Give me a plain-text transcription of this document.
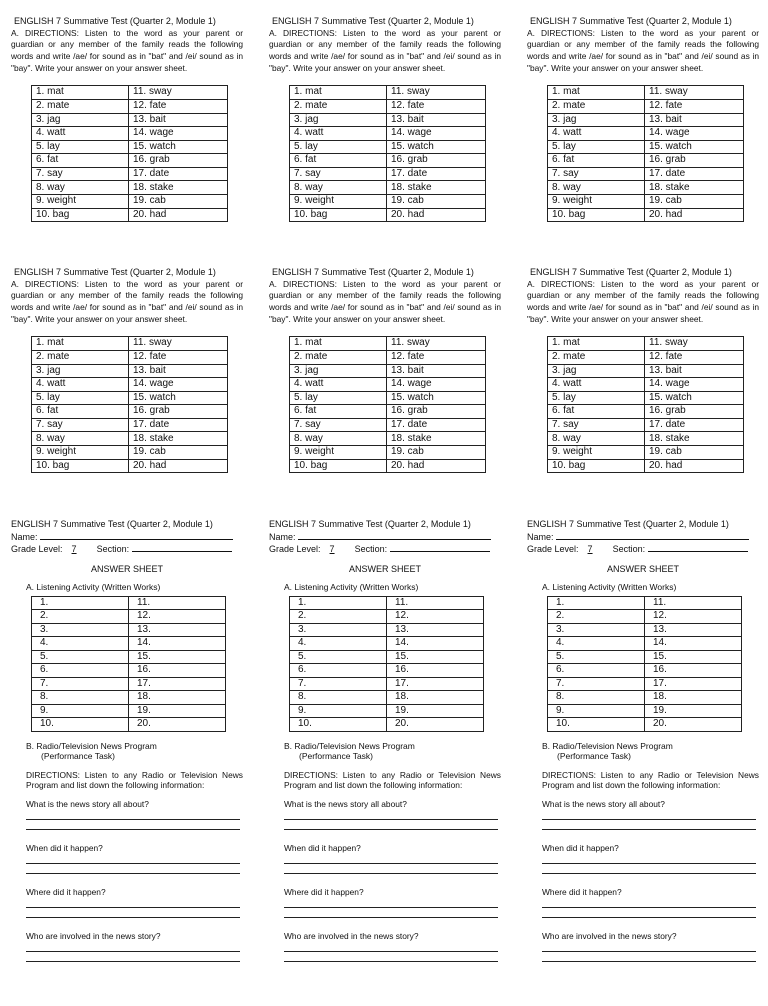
ENGLISH 7 Summative Test (Quarter 2, Module 1)
A. DIRECTIONS: Listen to the word as your parent or guardian or any member of the family reads the following words and write /ae/ for sound as in "bat" and /ei/ sound as in "bay". Write your answer on your answer sheet.
1. mat	11. sway
2. mate	12. fate
3. jag	13. bait
4. watt	14. wage
5. lay	15. watch
6. fat	16. grab
7. say	17. date
8. way	18. stake
9. weight	19. cab
10. bag	20. had
ENGLISH 7 Summative Test (Quarter 2, Module 1)
A. DIRECTIONS: Listen to the word as your parent or guardian or any member of the family reads the following words and write /ae/ for sound as in "bat" and /ei/ sound as in "bay". Write your answer on your answer sheet.
1. mat	11. sway
2. mate	12. fate
3. jag	13. bait
4. watt	14. wage
5. lay	15. watch
6. fat	16. grab
7. say	17. date
8. way	18. stake
9. weight	19. cab
10. bag	20. had
ENGLISH 7 Summative Test (Quarter 2, Module 1)
A. DIRECTIONS: Listen to the word as your parent or guardian or any member of the family reads the following words and write /ae/ for sound as in "bat" and /ei/ sound as in "bay". Write your answer on your answer sheet.
1. mat	11. sway
2. mate	12. fate
3. jag	13. bait
4. watt	14. wage
5. lay	15. watch
6. fat	16. grab
7. say	17. date
8. way	18. stake
9. weight	19. cab
10. bag	20. had
ENGLISH 7 Summative Test (Quarter 2, Module 1)
A. DIRECTIONS: Listen to the word as your parent or guardian or any member of the family reads the following words and write /ae/ for sound as in "bat" and /ei/ sound as in "bay". Write your answer on your answer sheet.
1. mat	11. sway
2. mate	12. fate
3. jag	13. bait
4. watt	14. wage
5. lay	15. watch
6. fat	16. grab
7. say	17. date
8. way	18. stake
9. weight	19. cab
10. bag	20. had
ENGLISH 7 Summative Test (Quarter 2, Module 1)
A. DIRECTIONS: Listen to the word as your parent or guardian or any member of the family reads the following words and write /ae/ for sound as in "bat" and /ei/ sound as in "bay". Write your answer on your answer sheet.
1. mat	11. sway
2. mate	12. fate
3. jag	13. bait
4. watt	14. wage
5. lay	15. watch
6. fat	16. grab
7. say	17. date
8. way	18. stake
9. weight	19. cab
10. bag	20. had
ENGLISH 7 Summative Test (Quarter 2, Module 1)
A. DIRECTIONS: Listen to the word as your parent or guardian or any member of the family reads the following words and write /ae/ for sound as in "bat" and /ei/ sound as in "bay". Write your answer on your answer sheet.
1. mat	11. sway
2. mate	12. fate
3. jag	13. bait
4. watt	14. wage
5. lay	15. watch
6. fat	16. grab
7. say	17. date
8. way	18. stake
9. weight	19. cab
10. bag	20. had
ENGLISH 7 Summative Test (Quarter 2, Module 1)
Name:
Grade Level: 7 Section:
ANSWER SHEET
A. Listening Activity (Written Works)
1.	11.
2.	12.
3.	13.
4.	14.
5.	15.
6.	16.
7.	17.
8.	18.
9.	19.
10.	20.
B. Radio/Television News Program
(Performance Task)
DIRECTIONS: Listen to any Radio or Television News Program and list down the following information:
What is the news story all about?
When did it happen?
Where did it happen?
Who are involved in the news story?
ENGLISH 7 Summative Test (Quarter 2, Module 1)
Name:
Grade Level: 7 Section:
ANSWER SHEET
A. Listening Activity (Written Works)
1.	11.
2.	12.
3.	13.
4.	14.
5.	15.
6.	16.
7.	17.
8.	18.
9.	19.
10.	20.
B. Radio/Television News Program
(Performance Task)
DIRECTIONS: Listen to any Radio or Television News Program and list down the following information:
What is the news story all about?
When did it happen?
Where did it happen?
Who are involved in the news story?
ENGLISH 7 Summative Test (Quarter 2, Module 1)
Name:
Grade Level: 7 Section:
ANSWER SHEET
A. Listening Activity (Written Works)
1.	11.
2.	12.
3.	13.
4.	14.
5.	15.
6.	16.
7.	17.
8.	18.
9.	19.
10.	20.
B. Radio/Television News Program
(Performance Task)
DIRECTIONS: Listen to any Radio or Television News Program and list down the following information:
What is the news story all about?
When did it happen?
Where did it happen?
Who are involved in the news story?
